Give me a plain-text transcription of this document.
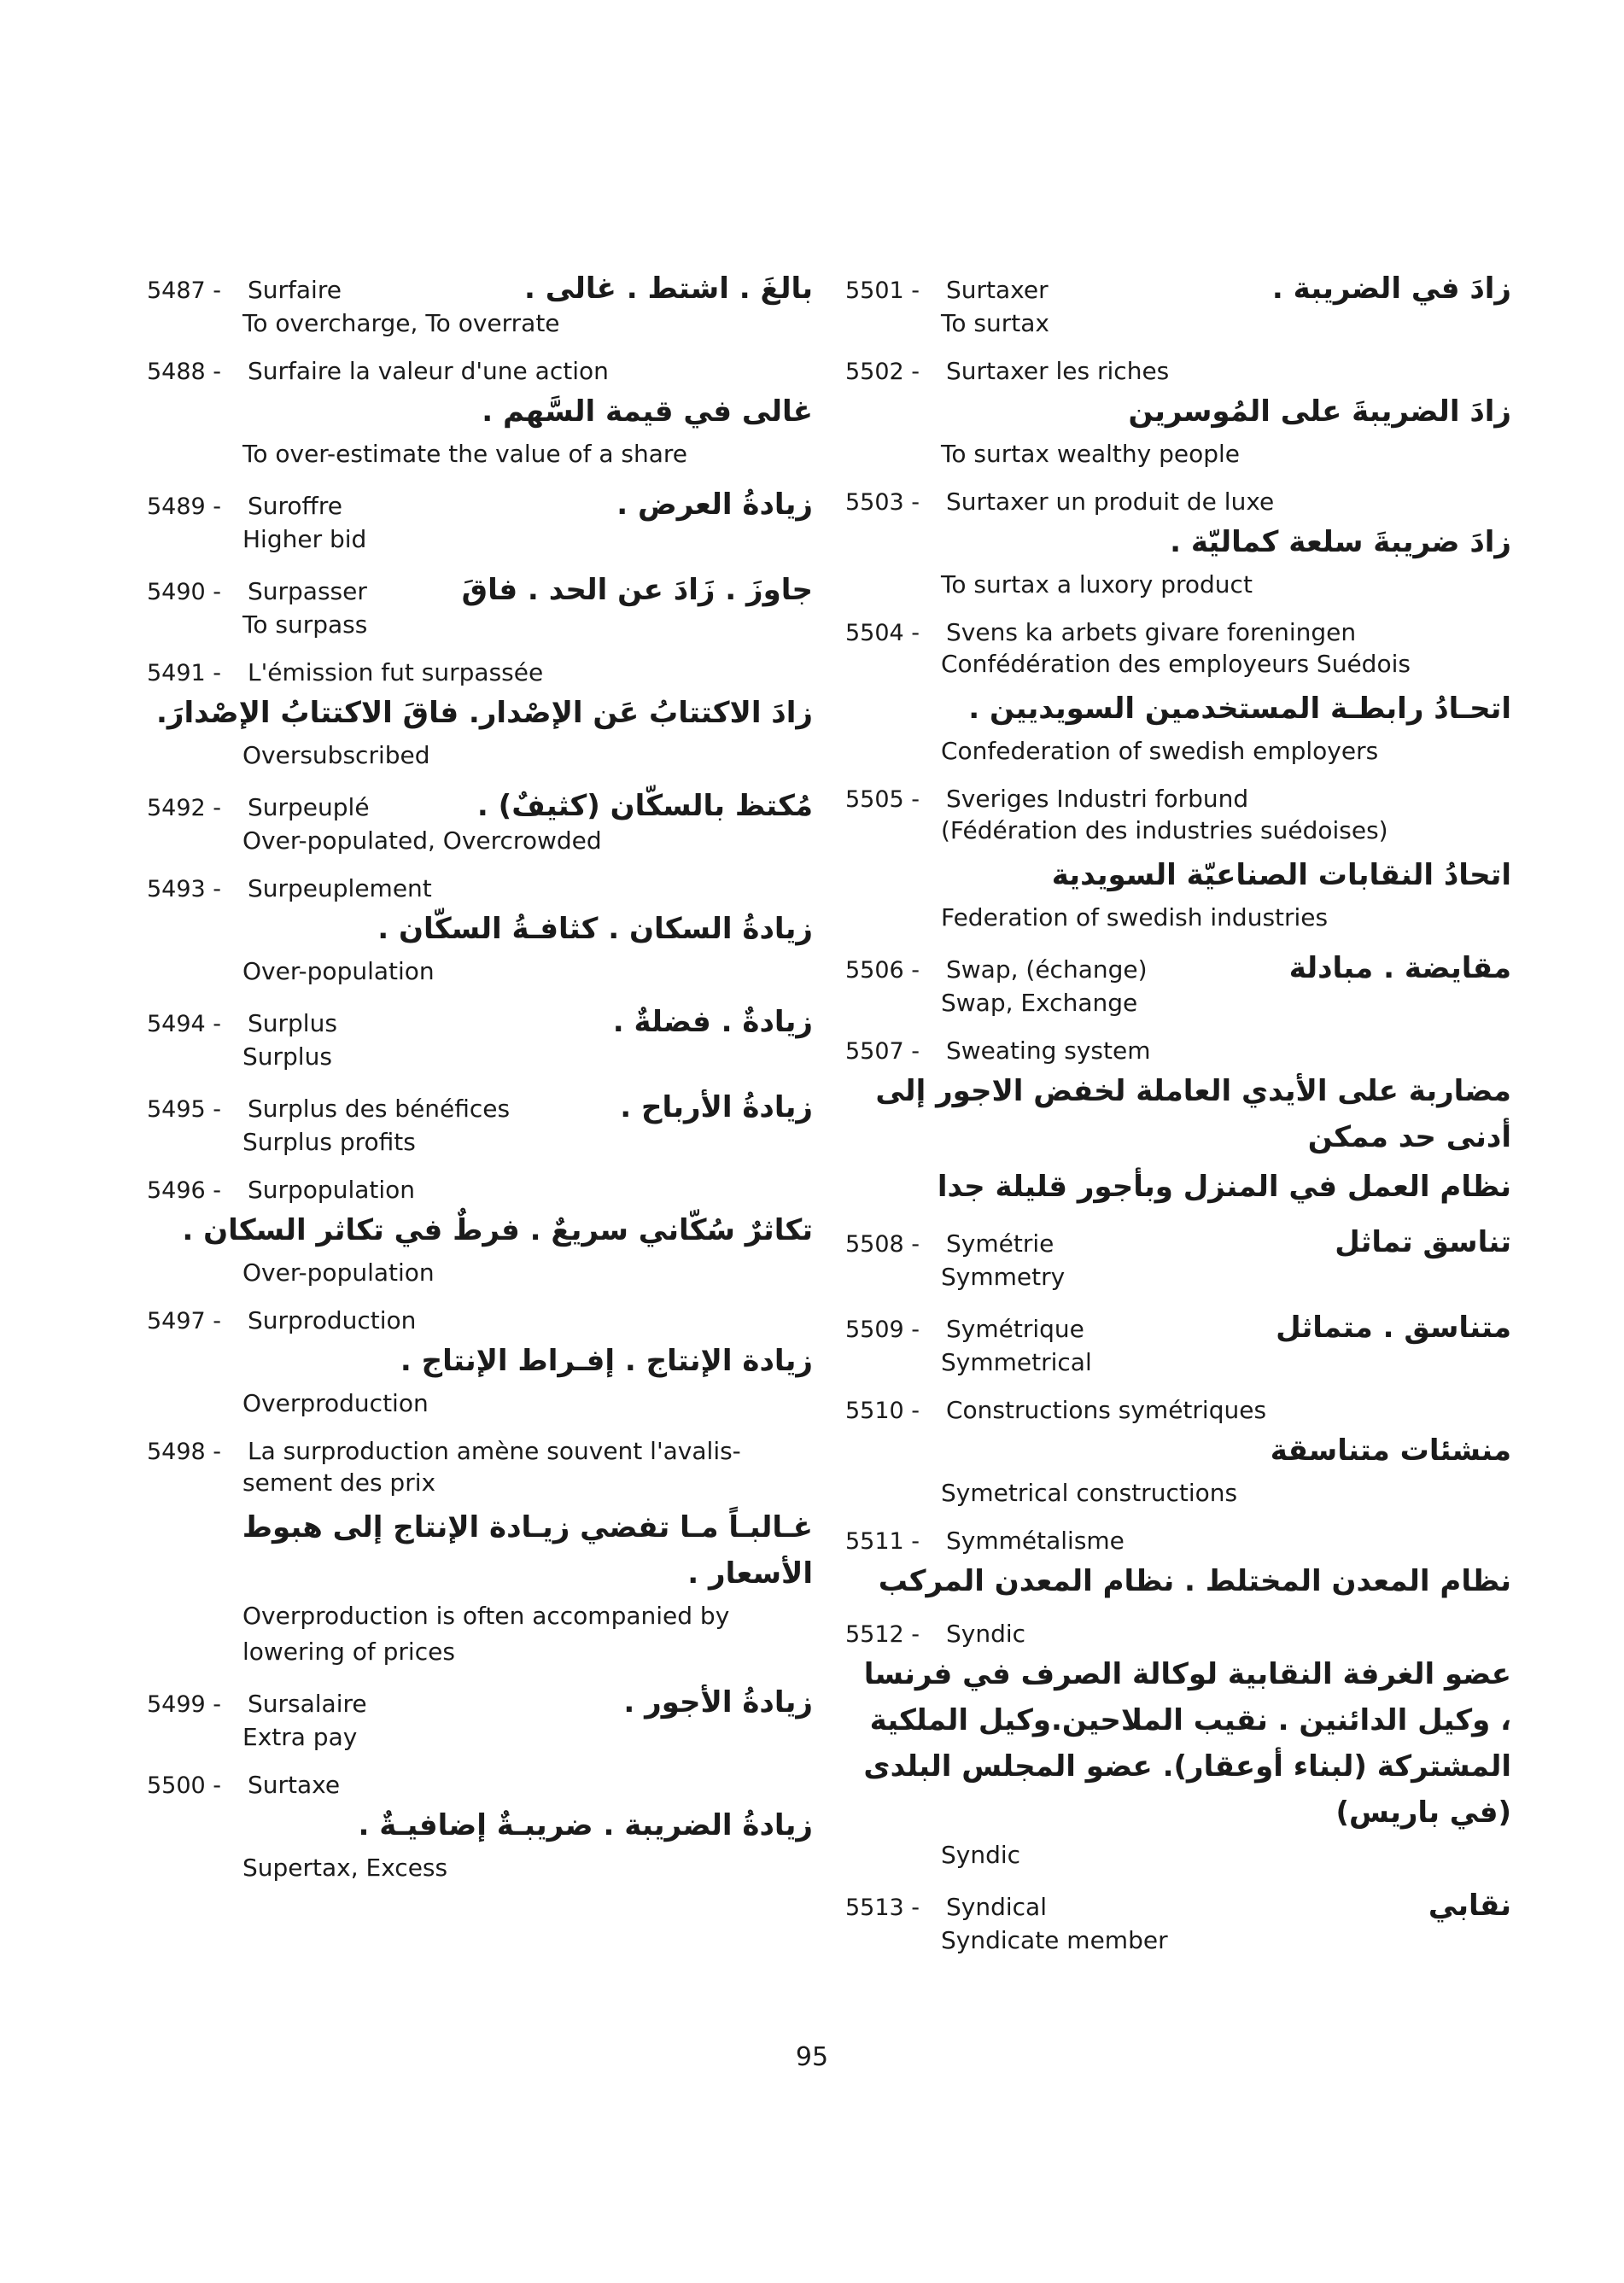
5487 -	Surfaire	بالغَ . اشتط . غالى .
To overcharge, To overrate
5488 -	Surfaire la valeur d'une action
غالى في قيمة السَّهم .
To over-estimate the value of a share
5489 -	Suroffre	زيادةُ العرض .
Higher bid
5490 -	Surpasser	جاوزَ . زَادَ عن الحد . فاقَ
To surpass
5491 -	L'émission fut surpassée
زادَ الاكتتابُ عَن الإصْدار. فاقَ الاكتتابُ الإصْدارَ.
Oversubscribed
5492 -	Surpeuplé	مُكتظ بالسكّان (كثيفٌ) .
Over-populated, Overcrowded
5493 -	Surpeuplement
زيادةُ السكان . كثافـةُ السكّان .
Over-population
5494 -	Surplus	زيادةٌ . فضلةٌ .
Surplus
5495 -	Surplus des bénéfices	زيادةُ الأرباح .
Surplus profits
5496 -	Surpopulation
تكاثرٌ سُكّاني سريعٌ . فرطٌ في تكاثر السكان .
Over-population
5497 -	Surproduction
زيادة الإنتاج . إفـراط الإنتاج .
Overproduction
5498 -	La surproduction amène souvent l'avalis-
sement des prix
غـالبـاً مـا تفضي زيـادة الإنتاج إلى هبوط الأسعار .
Overproduction is often accompanied by
lowering of prices
5499 -	Sursalaire	زيادةُ الأجور .
Extra pay
5500 -	Surtaxe
زيادةُ الضريبة . ضريبـةٌ إضافيـةٌ .
Supertax, Excess
5501 -	Surtaxer	زادَ في الضريبة .
To surtax
5502 -	Surtaxer les riches
زادَ الضريبةَ على المُوسرين
To surtax wealthy people
5503 -	Surtaxer un produit de luxe
زادَ ضريبةَ سلعة كماليّة .
To surtax a luxory product
5504 -	Svens ka arbets givare foreningen
Confédération des employeurs Suédois
اتحـادُ رابطـة المستخدمين السويديين .
Confederation of swedish employers
5505 -	Sveriges Industri forbund
(Fédération des industries suédoises)
اتحادُ النقابات الصناعيّة السويدية
Federation of swedish industries
5506 -	Swap, (échange)	مقايضة . مبادلة
Swap, Exchange
5507 -	Sweating system
مضاربة على الأيدي العاملة لخفض الاجور إلى أدنى حد ممكن
نظام العمل في المنزل وبأجور قليلة جدا
5508 -	Symétrie	تناسق تماثل
Symmetry
5509 -	Symétrique	متناسق . متماثل
Symmetrical
5510 -	Constructions symétriques
منشئات متناسقة
Symetrical constructions
5511 -	Symmétalisme
نظام المعدن المختلط . نظام المعدن المركب
5512 -	Syndic
عضو الغرفة النقابية لوكالة الصرف في فرنسا ، وكيل الدائنين . نقيب الملاحين.وكيل الملكية المشتركة (لبناء أوعقار). عضو المجلس البلدى (في باريس)
Syndic
5513 -	Syndical	نقابي
Syndicate member
95
